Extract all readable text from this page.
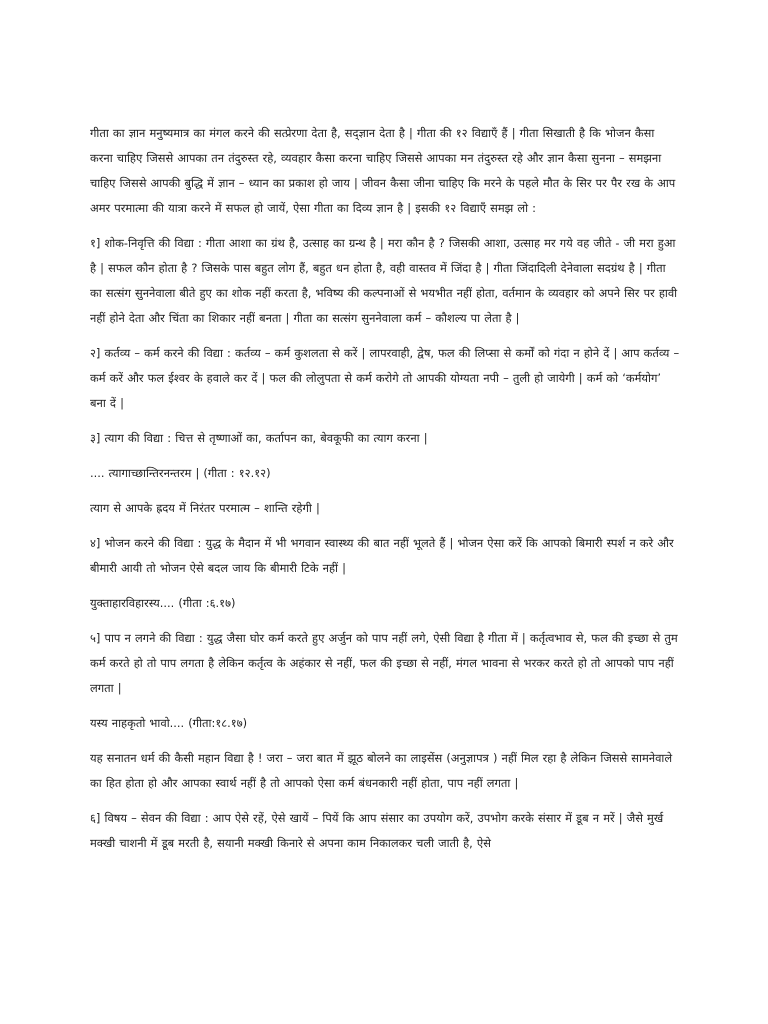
गीता का ज्ञान मनुष्यमात्र का मंगल करने की सत्प्रेरणा देता है, सद्ज्ञान देता है | गीता की १२ विद्याएँ हैं | गीता सिखाती है कि भोजन कैसा करना चाहिए जिससे आपका तन तंदुरुस्त रहे, व्यवहार कैसा करना चाहिए जिससे आपका मन तंदुरुस्त रहे और ज्ञान कैसा सुनना – समझना चाहिए जिससे आपकी बुद्धि में ज्ञान – ध्यान का प्रकाश हो जाय | जीवन कैसा जीना चाहिए कि मरने के पहले मौत के सिर पर पैर रख के आप अमर परमात्मा की यात्रा करने में सफल हो जायें, ऐसा गीता का दिव्य ज्ञान है | इसकी १२ विद्याएँ समझ लो :

१] शोक-निवृत्ति की विद्या : गीता आशा का ग्रंथ है, उत्साह का ग्रन्थ है | मरा कौन है ? जिसकी आशा, उत्साह मर गये वह जीते - जी मरा हुआ है | सफल कौन होता है ? जिसके पास बहुत लोग हैं, बहुत धन होता है, वही वास्तव में जिंदा है | गीता जिंदादिली देनेवाला सदग्रंथ है | गीता का सत्संग सुननेवाला बीते हुए का शोक नहीं करता है, भविष्य की कल्पनाओं से भयभीत नहीं होता, वर्तमान के व्यवहार को अपने सिर पर हावी नहीं होने देता और चिंता का शिकार नहीं बनता | गीता का सत्संग सुननेवाला कर्म – कौशल्य पा लेता है |

२] कर्तव्य – कर्म करने की विद्या : कर्तव्य – कर्म कुशलता से करें | लापरवाही, द्वेष, फल की लिप्सा से कर्मों को गंदा न होने दें | आप कर्तव्य – कर्म करें और फल ईश्वर के हवाले कर दें | फल की लोलुपता से कर्म करोगे तो आपकी योग्यता नपी – तुली हो जायेगी | कर्म को ‘कर्मयोग’ बना दें |

३] त्याग की विद्या : चित्त से तृष्णाओं का, कर्तापन का, बेवकूफी का त्याग करना |

.... त्यागाच्छान्तिरनन्तरम | (गीता : १२.१२)

त्याग से आपके ह्रदय में निरंतर परमात्म – शान्ति रहेगी |

४] भोजन करने की विद्या : युद्ध के मैदान में भी भगवान स्वास्थ्य की बात नहीं भूलते हैं | भोजन ऐसा करें कि आपको बिमारी स्पर्श न करे और बीमारी आयी तो भोजन ऐसे बदल जाय कि बीमारी टिके नहीं |

युक्ताहारविहारस्य.... (गीता :६.१७)

५] पाप न लगने की विद्या : युद्ध जैसा घोर कर्म करते हुए अर्जुन को पाप नहीं लगे, ऐसी विद्या है गीता में | कर्तृत्वभाव से, फल की इच्छा से तुम कर्म करते हो तो पाप लगता है लेकिन कर्तृत्व के अहंकार से नहीं, फल की इच्छा से नहीं, मंगल भावना से भरकर करते हो तो आपको पाप नहीं लगता |

यस्य नाहकृतो भावो.... (गीता:१८.१७)

यह सनातन धर्म की कैसी महान विद्या है ! जरा – जरा बात में झूठ बोलने का लाइसेंस (अनुज्ञापत्र ) नहीं मिल रहा है लेकिन जिससे सामनेवाले का हित होता हो और आपका स्वार्थ नहीं है तो आपको ऐसा कर्म बंधनकारी नहीं होता, पाप नहीं लगता |

६] विषय – सेवन की विद्या : आप ऐसे रहें, ऐसे खायें – पियें कि आप संसार का उपयोग करें, उपभोग करके संसार में डूब न मरें | जैसे मुर्ख मक्खी चाशनी में डूब मरती है, सयानी मक्खी किनारे से अपना काम निकालकर चली जाती है, ऐसे
